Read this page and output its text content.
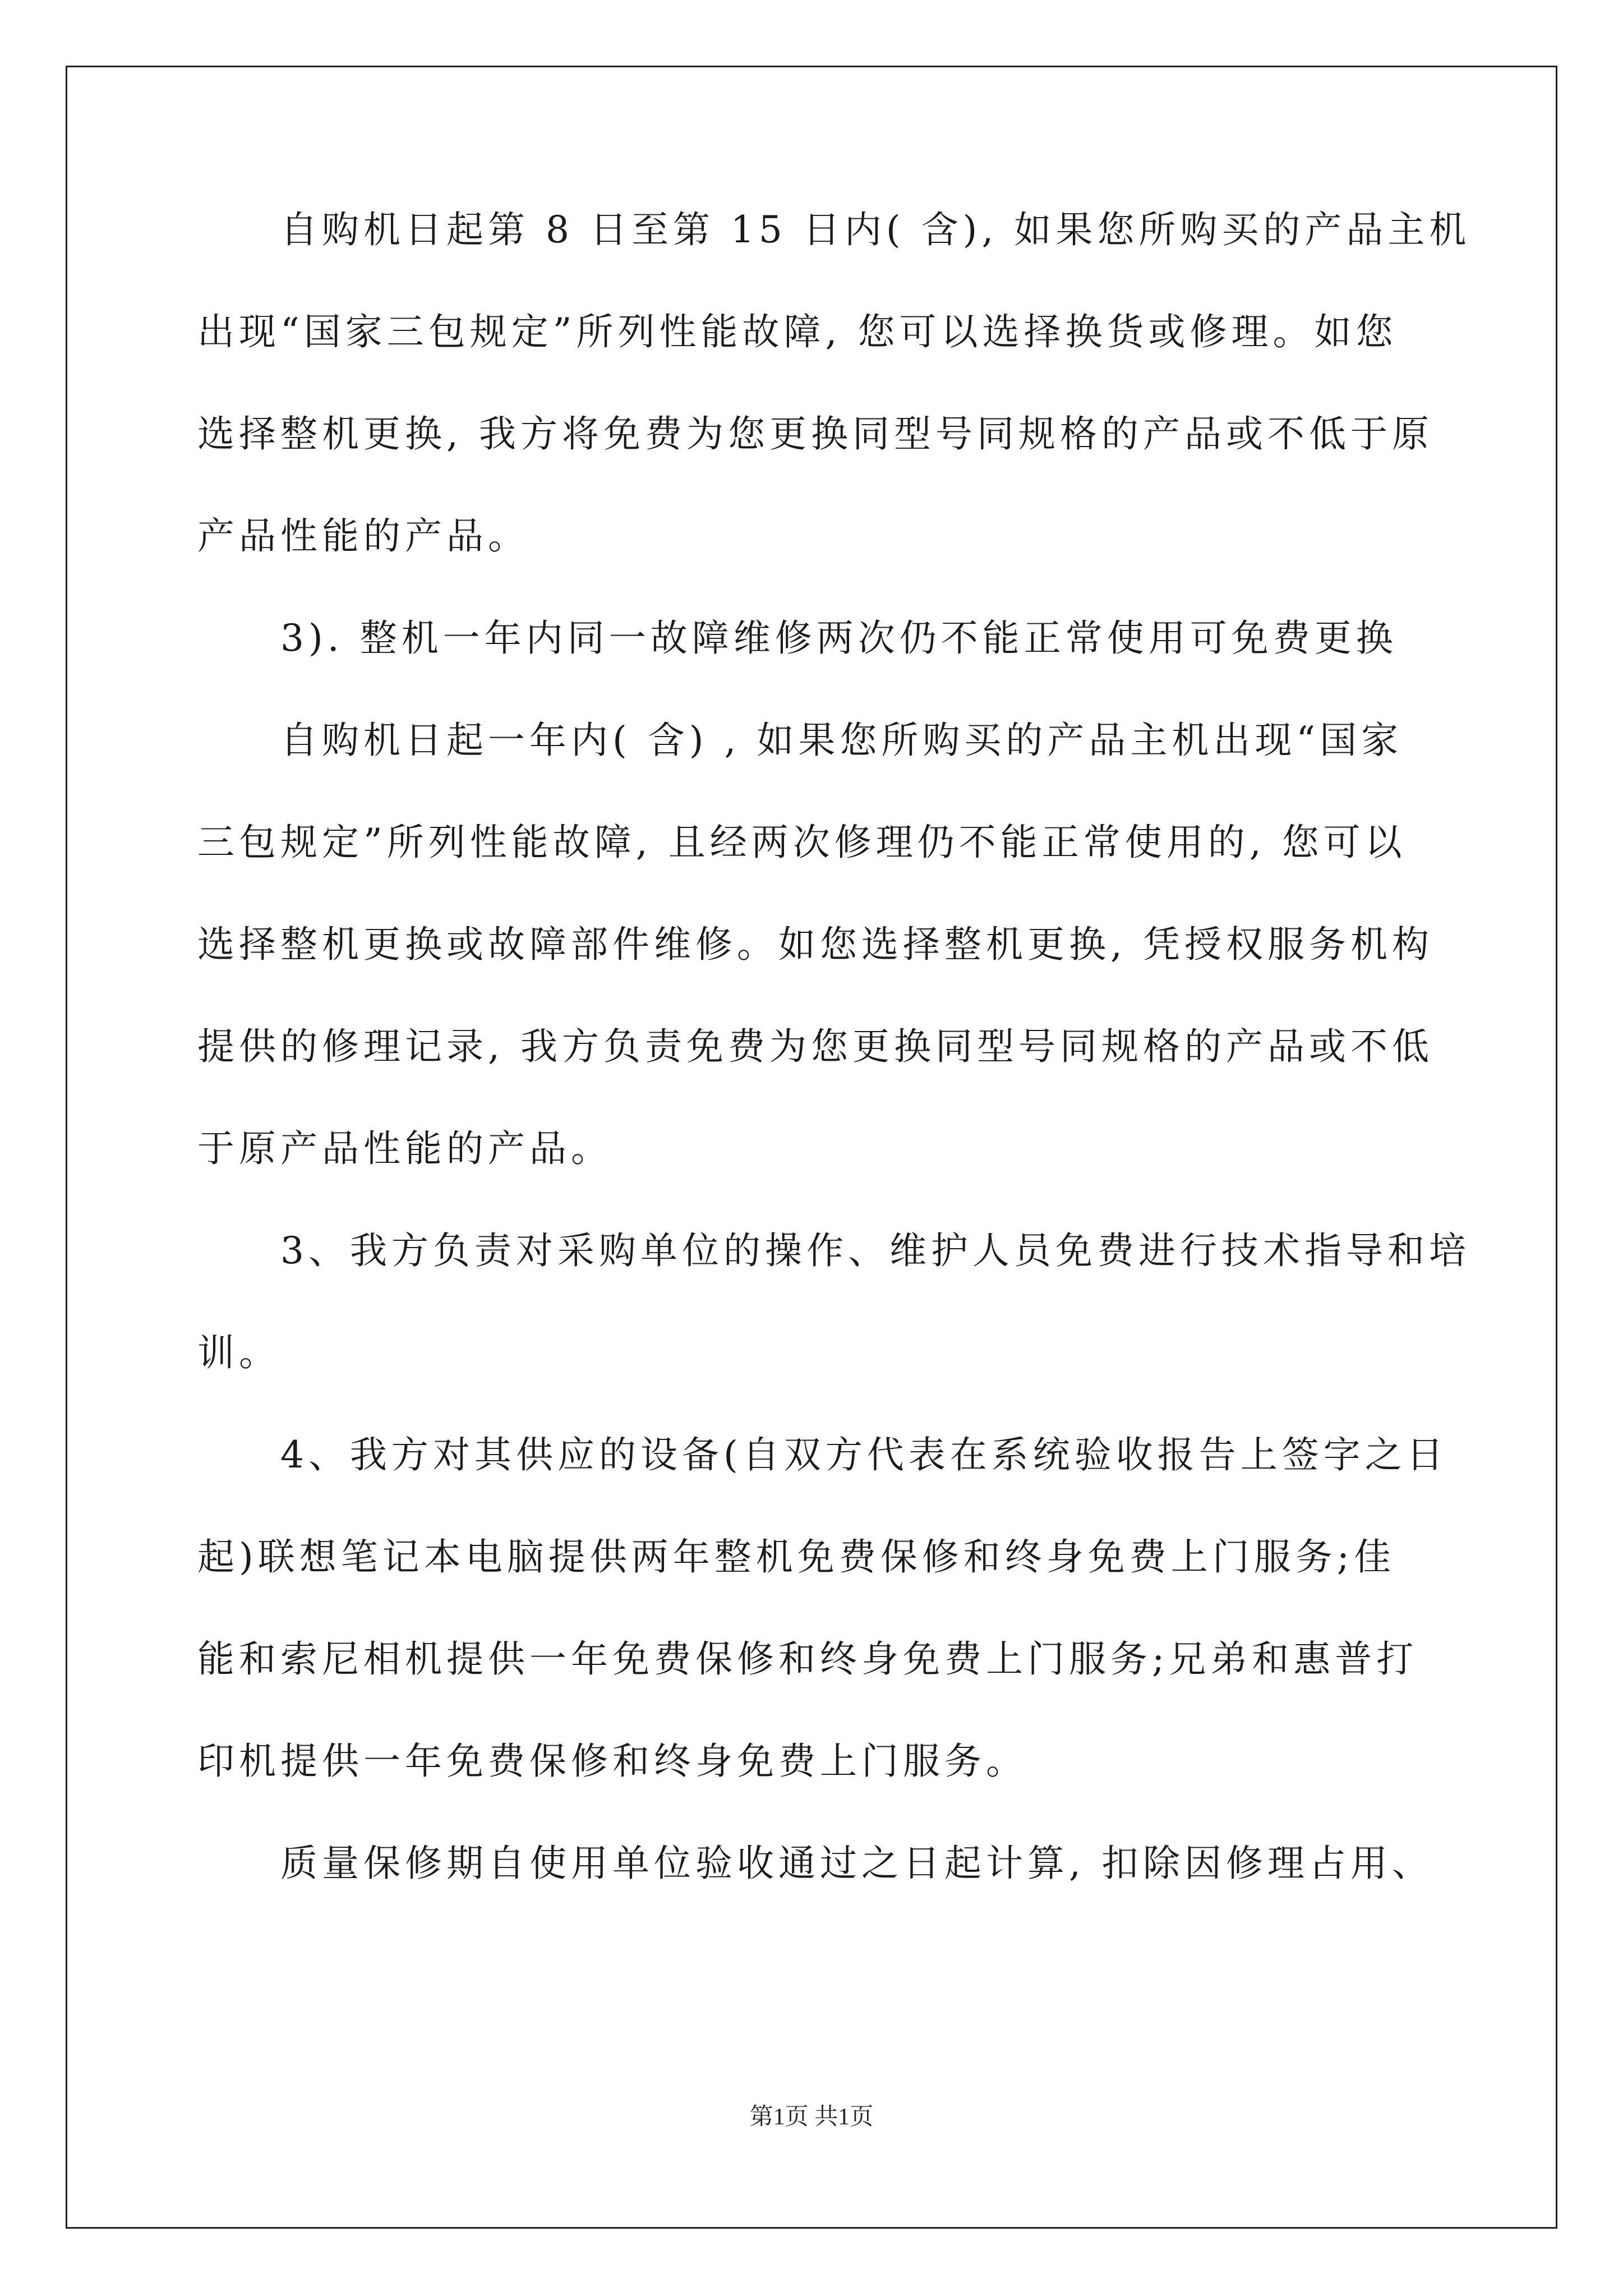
自购机日起第 8 日至第 15 日内( 含), 如果您所购买的产品主机
出现“国家三包规定”所列性能故障, 您可以选择换货或修理。如您
选择整机更换, 我方将免费为您更换同型号同规格的产品或不低于原
产品性能的产品。
3). 整机一年内同一故障维修两次仍不能正常使用可免费更换
自购机日起一年内( 含) , 如果您所购买的产品主机出现“国家
三包规定”所列性能故障, 且经两次修理仍不能正常使用的, 您可以
选择整机更换或故障部件维修。如您选择整机更换, 凭授权服务机构
提供的修理记录, 我方负责免费为您更换同型号同规格的产品或不低
于原产品性能的产品。
3、我方负责对采购单位的操作、维护人员免费进行技术指导和培
训。
4、我方对其供应的设备(自双方代表在系统验收报告上签字之日
起)联想笔记本电脑提供两年整机免费保修和终身免费上门服务;佳
能和索尼相机提供一年免费保修和终身免费上门服务;兄弟和惠普打
印机提供一年免费保修和终身免费上门服务。
质量保修期自使用单位验收通过之日起计算, 扣除因修理占用、
第1页 共1页
